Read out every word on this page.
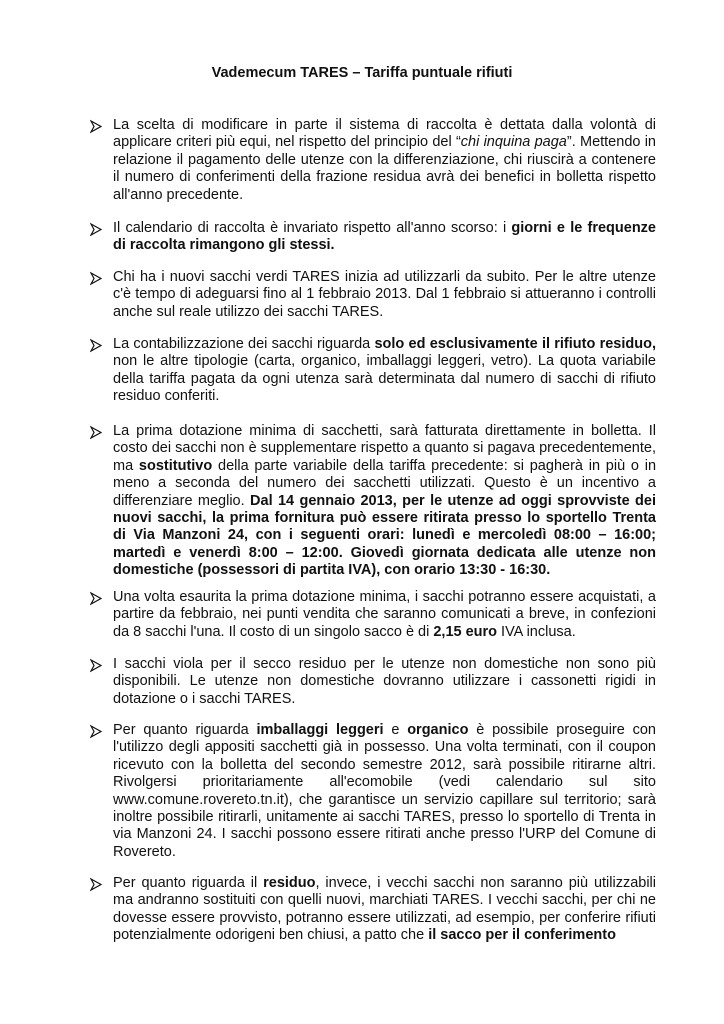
Vademecum TARES – Tariffa puntuale rifiuti
La scelta di modificare in parte il sistema di raccolta è dettata dalla volontà di applicare criteri più equi, nel rispetto del principio del “chi inquina paga”. Mettendo in relazione il pagamento delle utenze con la differenziazione, chi riuscirà a contenere il numero di conferimenti della frazione residua avrà dei benefici in bolletta rispetto all'anno precedente.
Il calendario di raccolta è invariato rispetto all'anno scorso: i giorni e le frequenze di raccolta rimangono gli stessi.
Chi ha i nuovi sacchi verdi TARES inizia ad utilizzarli da subito. Per le altre utenze c'è tempo di adeguarsi fino al 1 febbraio 2013. Dal 1 febbraio si attueranno i controlli anche sul reale utilizzo dei sacchi TARES.
La contabilizzazione dei sacchi riguarda solo ed esclusivamente il rifiuto residuo, non le altre tipologie (carta, organico, imballaggi leggeri, vetro). La quota variabile della tariffa pagata da ogni utenza sarà determinata dal numero di sacchi di rifiuto residuo conferiti.
La prima dotazione minima di sacchetti, sarà fatturata direttamente in bolletta. Il costo dei sacchi non è supplementare rispetto a quanto si pagava precedentemente, ma sostitutivo della parte variabile della tariffa precedente: si pagherà in più o in meno a seconda del numero dei sacchetti utilizzati. Questo è un incentivo a differenziare meglio. Dal 14 gennaio 2013, per le utenze ad oggi sprovviste dei nuovi sacchi, la prima fornitura può essere ritirata presso lo sportello Trenta di Via Manzoni 24, con i seguenti orari: lunedì e mercoledì 08:00 – 16:00; martedì e venerdì 8:00 – 12:00. Giovedì giornata dedicata alle utenze non domestiche (possessori di partita IVA), con orario 13:30 - 16:30.
Una volta esaurita la prima dotazione minima, i sacchi potranno essere acquistati, a partire da febbraio, nei punti vendita che saranno comunicati a breve, in confezioni da 8 sacchi l'una. Il costo di un singolo sacco è di 2,15 euro IVA inclusa.
I sacchi viola per il secco residuo per le utenze non domestiche non sono più disponibili. Le utenze non domestiche dovranno utilizzare i cassonetti rigidi in dotazione o i sacchi TARES.
Per quanto riguarda imballaggi leggeri e organico è possibile proseguire con l'utilizzo degli appositi sacchetti già in possesso. Una volta terminati, con il coupon ricevuto con la bolletta del secondo semestre 2012, sarà possibile ritirarne altri. Rivolgersi prioritariamente all'ecomobile (vedi calendario sul sito www.comune.rovereto.tn.it), che garantisce un servizio capillare sul territorio; sarà inoltre possibile ritirarli, unitamente ai sacchi TARES, presso lo sportello di Trenta in via Manzoni 24. I sacchi possono essere ritirati anche presso l'URP del Comune di Rovereto.
Per quanto riguarda il residuo, invece, i vecchi sacchi non saranno più utilizzabili ma andranno sostituiti con quelli nuovi, marchiati TARES. I vecchi sacchi, per chi ne dovesse essere provvisto, potranno essere utilizzati, ad esempio, per conferire rifiuti potenzialmente odorigeni ben chiusi, a patto che il sacco per il conferimento
